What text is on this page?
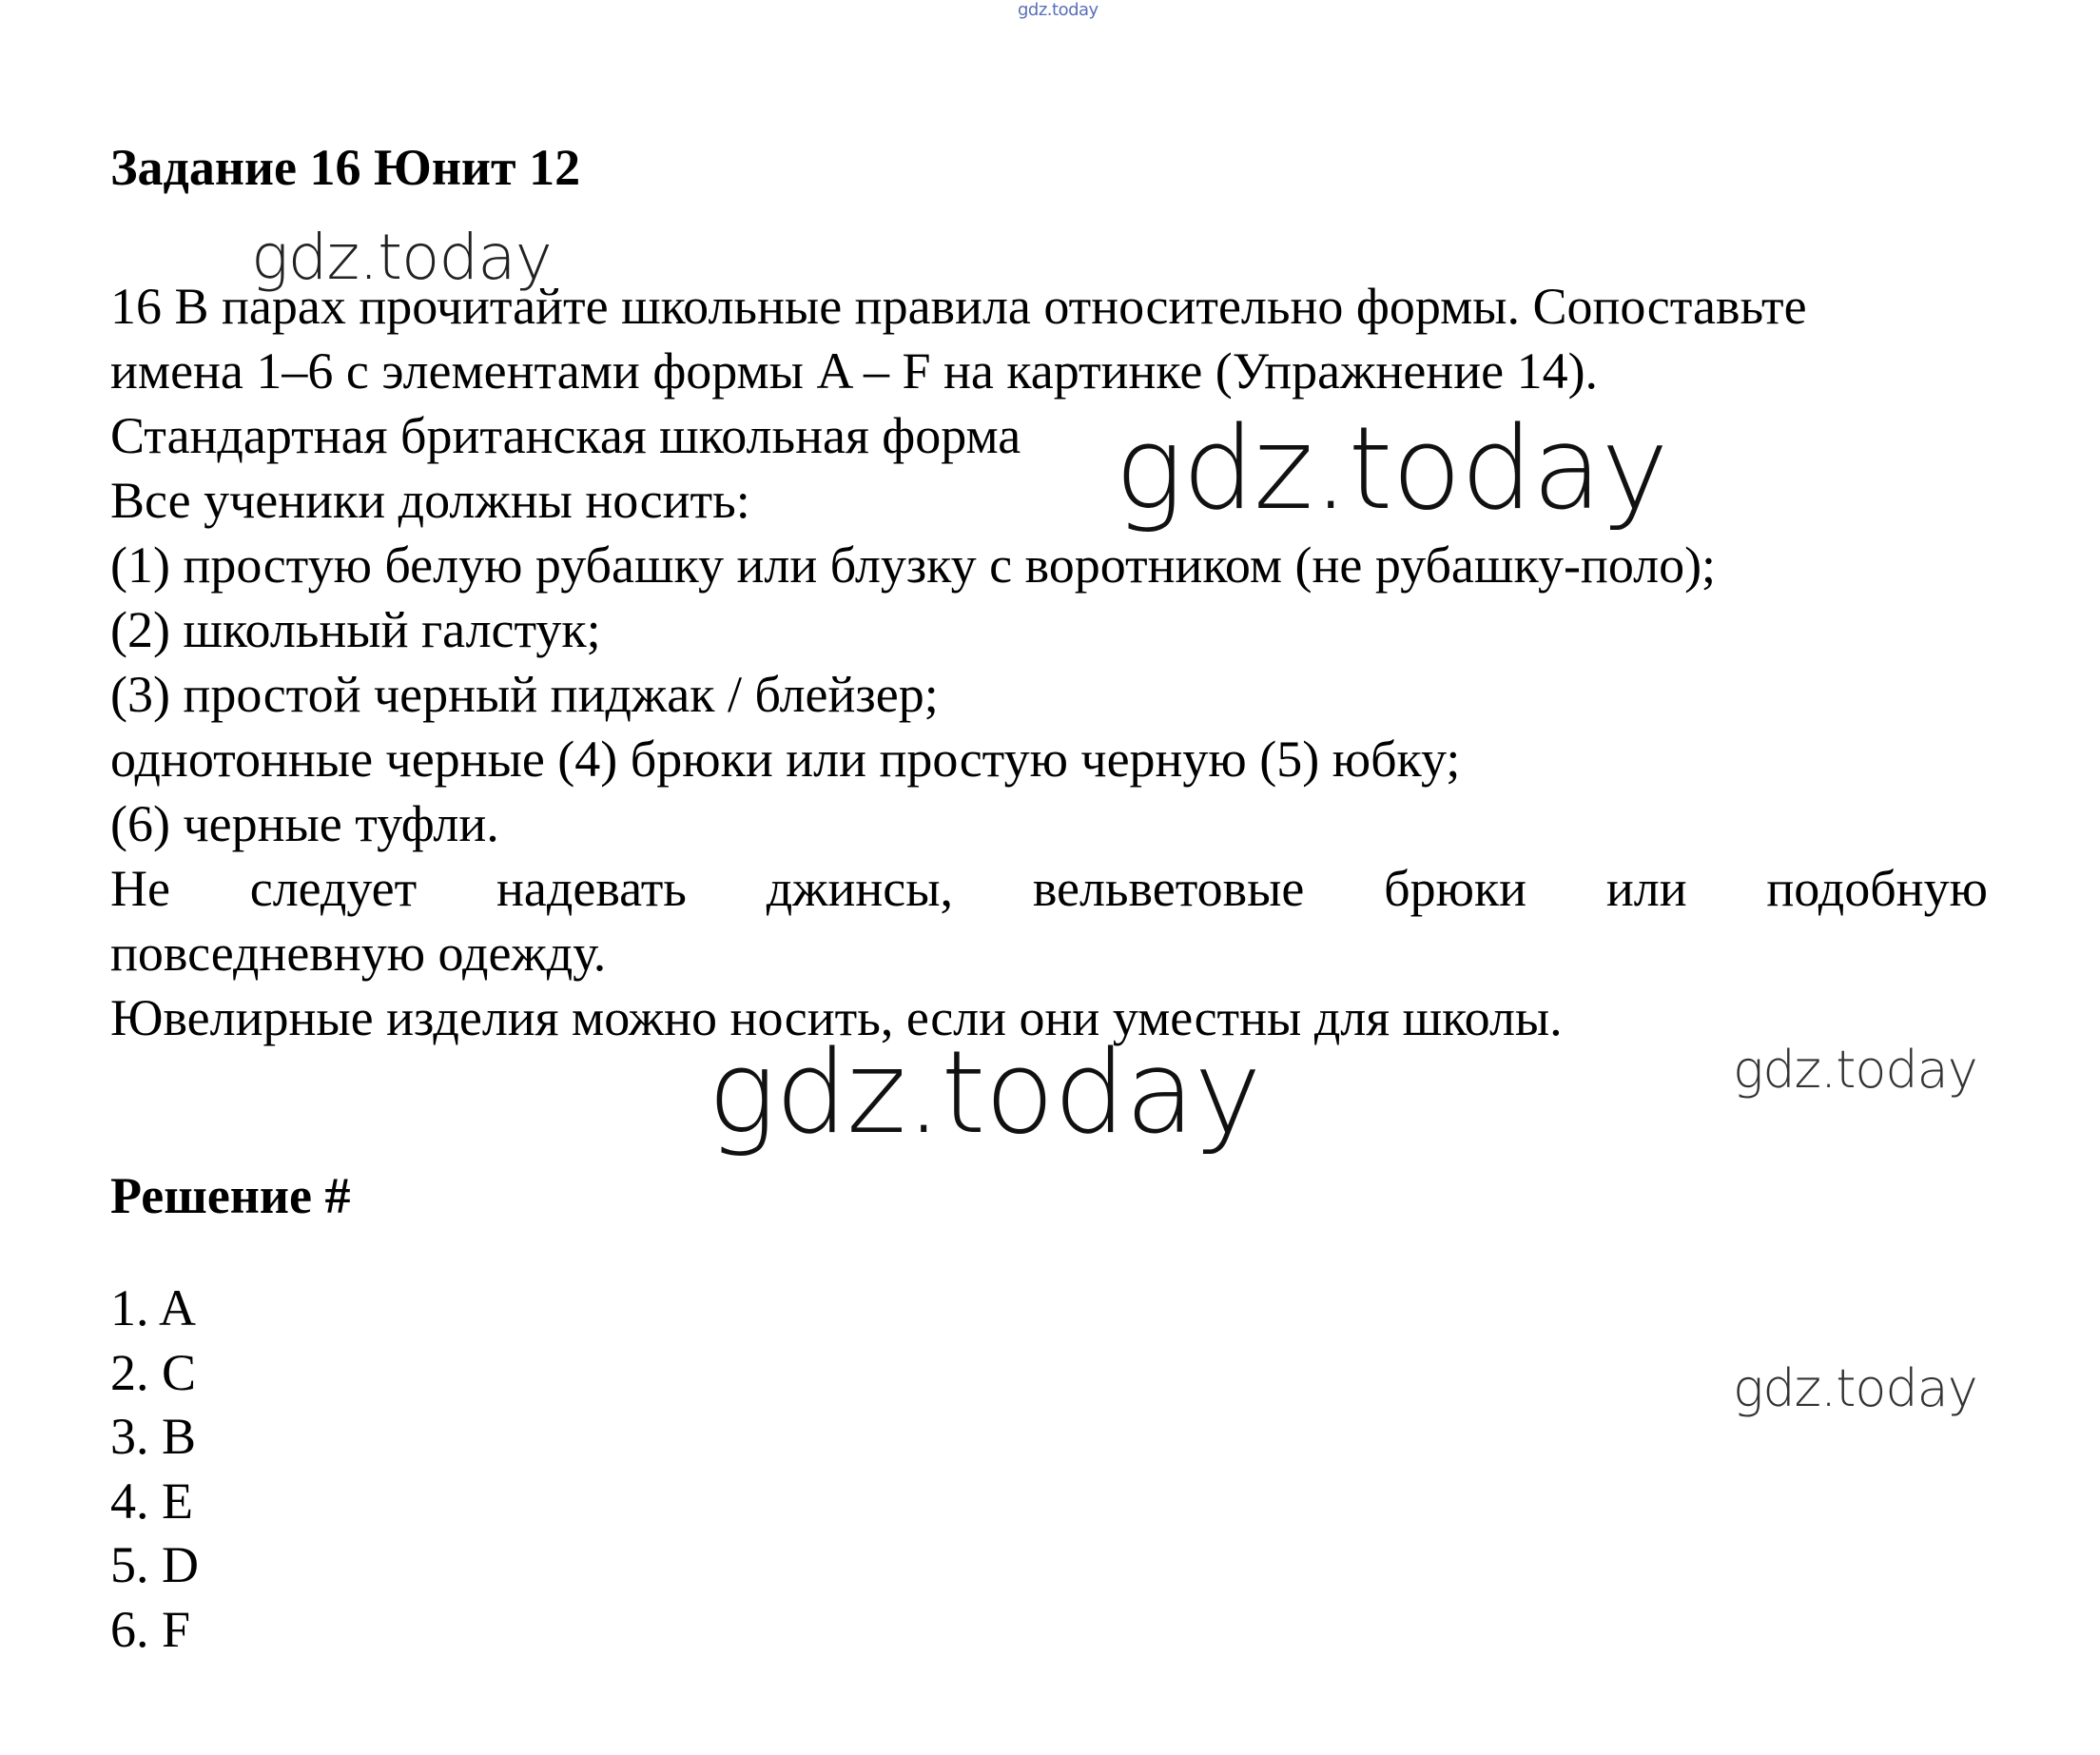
gdz.today
Задание 16 Юнит 12
16 В парах прочитайте школьные правила относительно формы. Сопоставьте
имена 1–6 с элементами формы A – F на картинке (Упражнение 14).
Стандартная британская школьная форма
Все ученики должны носить:
(1) простую белую рубашку или блузку с воротником (не рубашку-поло);
(2) школьный галстук;
(3) простой черный пиджак / блейзер;
однотонные черные (4) брюки или простую черную (5) юбку;
(6) черные туфли.
Не следует надевать джинсы, вельветовые брюки или подобную
повседневную одежду.
Ювелирные изделия можно носить, если они уместны для школы.
Решение #
1. A
2. C
3. B
4. E
5. D
6. F
gdz.today
gdz.today
gdz.today	gdz.today
gdz.today
